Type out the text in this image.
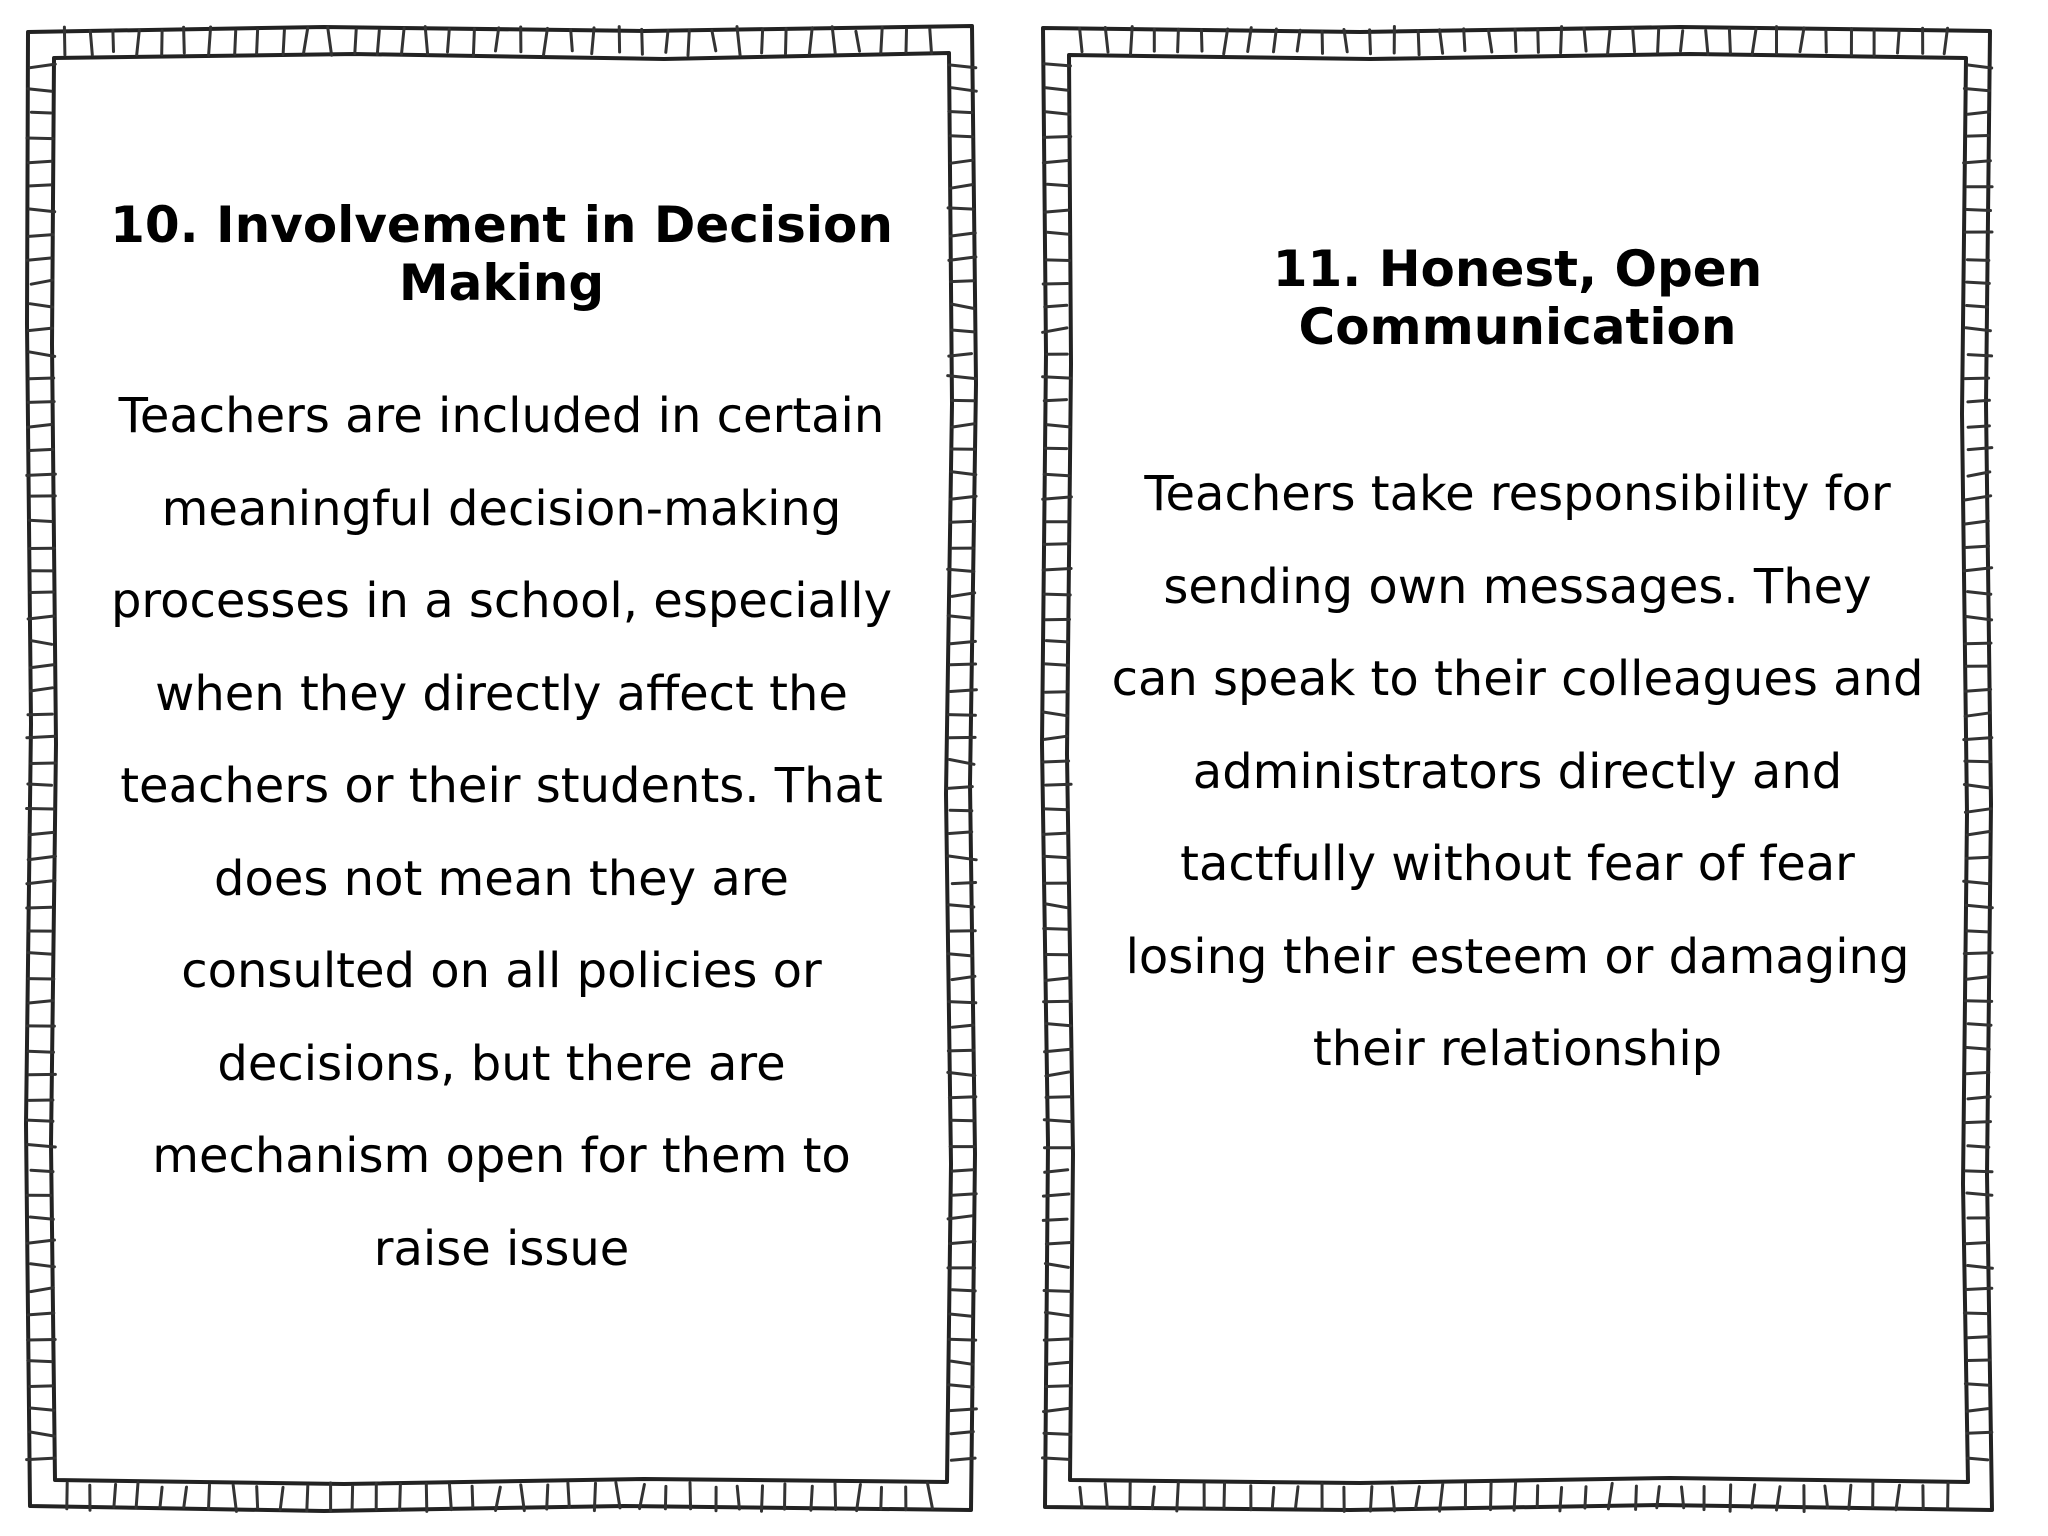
10. Involvement in Decision
Making

Teachers are included in certain
meaningful decision-making
processes in a school, especially
when they directly affect the
teachers or their students. That
does not mean they are
consulted on all policies or
decisions, but there are
mechanism open for them to
raise issue

11. Honest, Open
Communication

Teachers take responsibility for
sending own messages. They
can speak to their colleagues and
administrators directly and
tactfully without fear of fear
losing their esteem or damaging
their relationship
